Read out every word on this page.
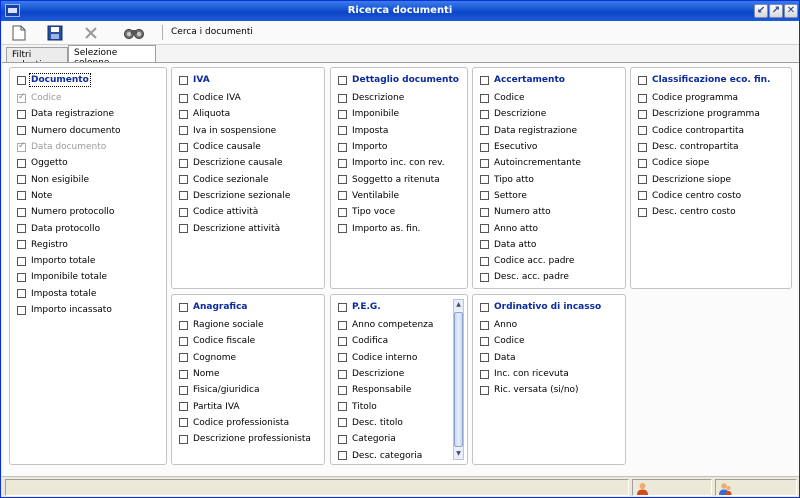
Ricerca documenti	↙ ↗ ✕
Cerca i documenti
Filtri	Selezione
Documento
✓
Codice
Data registrazione
Numero documento
✓
Data documento
Oggetto
Non esigibile
Note
Numero protocollo
Data protocollo
Registro
Importo totale
Imponibile totale
Imposta totale
Importo incassato
IVA
Codice IVA
Aliquota
Iva in sospensione
Codice causale
Descrizione causale
Codice sezionale
Descrizione sezionale
Codice attività
Descrizione attività
Dettaglio documento
Descrizione
Imponibile
Imposta
Importo
Importo inc. con rev.
Soggetto a ritenuta
Ventilabile
Tipo voce
Importo as. fin.
Accertamento
Codice
Descrizione
Data registrazione
Esecutivo
Autoincrementante
Tipo atto
Settore
Numero atto
Anno atto
Data atto
Codice acc. padre
Desc. acc. padre
Classificazione eco. fin.
Codice programma
Descrizione programma
Codice contropartita
Desc. contropartita
Codice siope
Descrizione siope
Codice centro costo
Desc. centro costo
Anagrafica
Ragione sociale
Codice fiscale
Cognome
Nome
Fisica/giuridica
Partita IVA
Codice professionista
Descrizione professionista
P.E.G.
Anno competenza
Codifica
Codice interno
Descrizione
Responsabile
Titolo
Desc. titolo
Categoria
Desc. categoria
▲
▼
Ordinativo di incasso
Anno
Codice
Data
Inc. con ricevuta
Ric. versata (si/no)
